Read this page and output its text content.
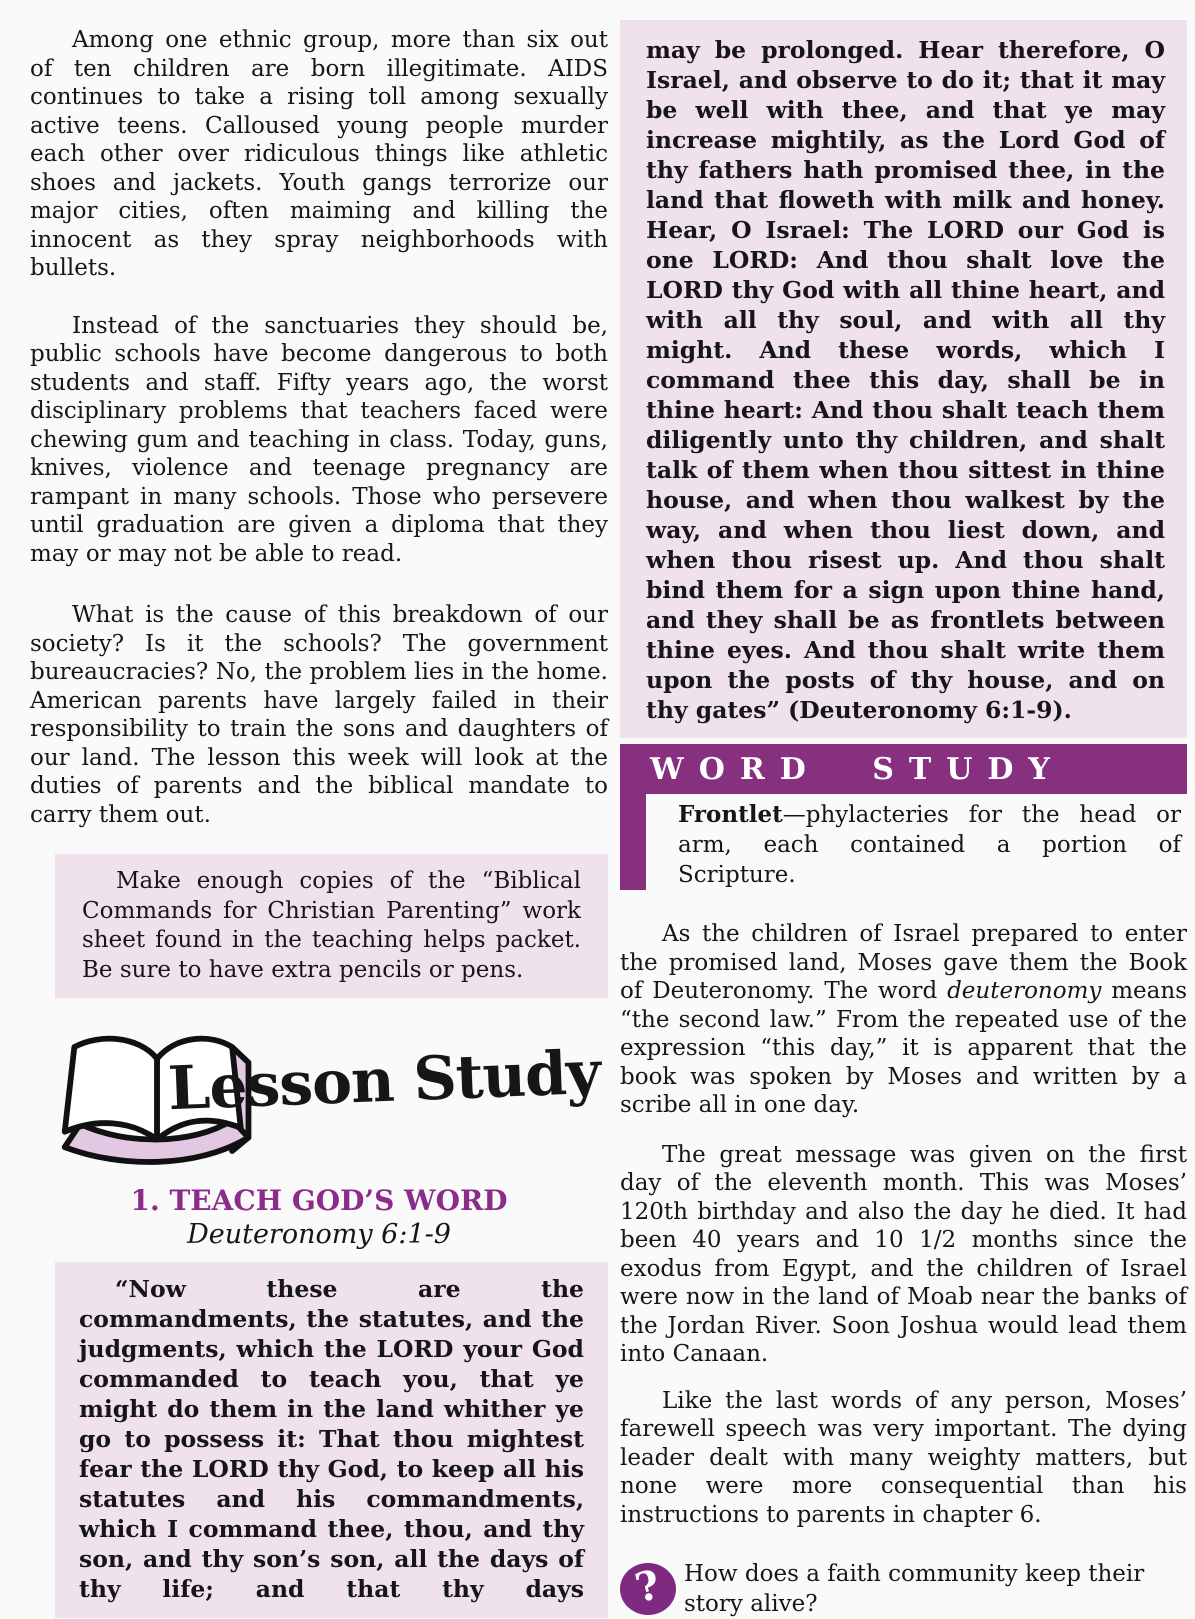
Among one ethnic group, more than six out of ten children are born illegitimate. AIDS continues to take a rising toll among sexually active teens. Calloused young people murder each other over ridiculous things like athletic shoes and jackets. Youth gangs terrorize our major cities, often maiming and killing the innocent as they spray neighborhoods with bullets.

Instead of the sanctuaries they should be, public schools have become dangerous to both students and staff. Fifty years ago, the worst disciplinary problems that teachers faced were chewing gum and teaching in class. Today, guns, knives, violence and teenage pregnancy are rampant in many schools. Those who persevere until graduation are given a diploma that they may or may not be able to read.

What is the cause of this breakdown of our society? Is it the schools? The government bureaucracies? No, the problem lies in the home. American parents have largely failed in their responsibility to train the sons and daughters of our land. The lesson this week will look at the duties of parents and the biblical mandate to carry them out.

Make enough copies of the “Biblical Commands for Christian Parenting” work sheet found in the teaching helps packet. Be sure to have extra pencils or pens.
Lesson Study
1. TEACH GOD’S WORD
Deuteronomy 6:1-9
“Now these are the commandments, the statutes, and the judgments, which the LORD your God commanded to teach you, that ye might do them in the land whither ye go to possess it: That thou mightest fear the LORD thy God, to keep all his statutes and his commandments, which I command thee, thou, and thy son, and thy son’s son, all the days of thy life; and that thy days
may be prolonged. Hear therefore, O Israel, and observe to do it; that it may be well with thee, and that ye may increase mightily, as the Lord God of thy fathers hath promised thee, in the land that floweth with milk and honey. Hear, O Israel: The LORD our God is one LORD: And thou shalt love the LORD thy God with all thine heart, and with all thy soul, and with all thy might. And these words, which I command thee this day, shall be in thine heart: And thou shalt teach them diligently unto thy children, and shalt talk of them when thou sittest in thine house, and when thou walkest by the way, and when thou liest down, and when thou risest up. And thou shalt bind them for a sign upon thine hand, and they shall be as frontlets between thine eyes. And thou shalt write them upon the posts of thy house, and on thy gates” (Deuteronomy 6:1-9).
WORD STUDY
Frontlet—phylacteries for the head or arm, each contained a portion of Scripture.

As the children of Israel prepared to enter the promised land, Moses gave them the Book of Deuteronomy. The word deuteronomy means “the second law.” From the repeated use of the expression “this day,” it is apparent that the book was spoken by Moses and written by a scribe all in one day.

The great message was given on the first day of the eleventh month. This was Moses’ 120th birthday and also the day he died. It had been 40 years and 10 1/2 months since the exodus from Egypt, and the children of Israel were now in the land of Moab near the banks of the Jordan River. Soon Joshua would lead them into Canaan.

Like the last words of any person, Moses’ farewell speech was very important. The dying leader dealt with many weighty matters, but none were more consequential than his instructions to parents in chapter 6.

? How does a faith community keep their story alive?
